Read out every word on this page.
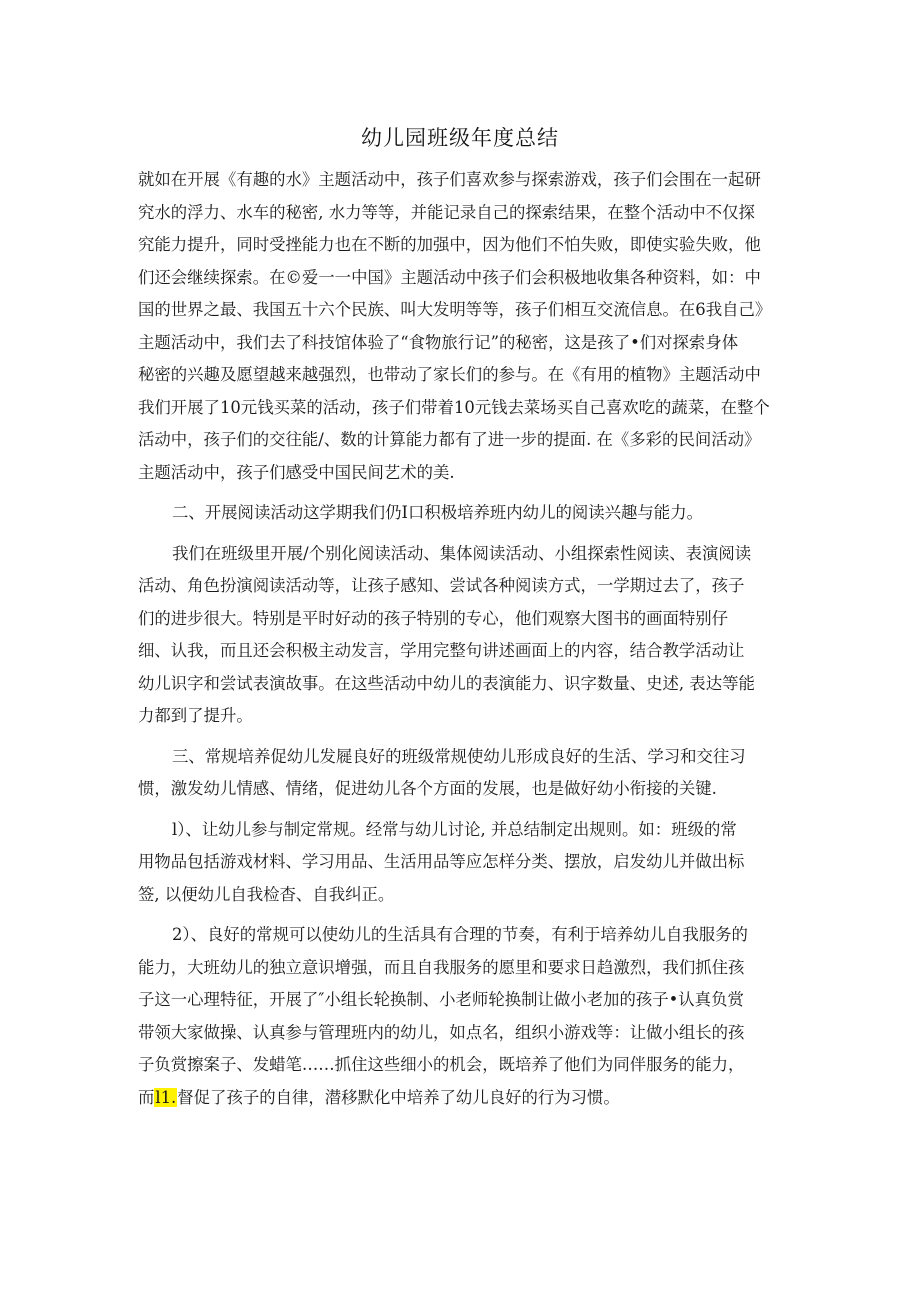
幼儿园班级年度总结
就如在开展《有趣的水》主题活动中，孩子们喜欢参与探索游戏，孩子们会围在一起研
究水的浮力、水车的秘密, 水力等等，并能记录自己的探索结果，在整个活动中不仅探
究能力提升，同时受挫能力也在不断的加强中，因为他们不怕失败，即使实验失败，他
们还会继续探索。在©爱一一中国》主题活动中孩子们会积极地收集各种资料，如：中
国的世界之最、我国五十六个民族、叫大发明等等，孩子们相互交流信息。在6我自己》
主题活动中，我们去了科技馆体验了“食物旅行记”的秘密，这是孩了•们对探索身体
秘密的兴趣及愿望越来越强烈，也带动了家长们的参与。在《有用的植物》主题活动中
我们开展了10元钱买菜的活动，孩子们带着10元钱去菜场买自己喜欢吃的蔬菜，在整个
活动中，孩子们的交往能/、数的计算能力都有了进一步的提面. 在《多彩的民间活动》
主题活动中，孩子们感受中国民间艺术的美.
二、开展阅读活动这学期我们仍I口积极培养班内幼儿的阅读兴趣与能力。
我们在班级里开展/个别化阅读活动、集体阅读活动、小组探索性阅读、表演阅读
活动、角色扮演阅读活动等，让孩子感知、尝试各种阅读方式，一学期过去了，孩子
们的进步很大。特别是平时好动的孩子特别的专心，他们观察大图书的画面特别仔
细、认我，而且还会积极主动发言，学用完整句讲述画面上的内容，结合教学活动让
幼儿识字和尝试表演故事。在这些活动中幼儿的表演能力、识字数量、史述, 表达等能
力都到了提升。
三、常规培养促幼儿发屣良好的班级常规使幼儿形成良好的生活、学习和交往习
惯，激发幼儿情感、情绪，促进幼儿各个方面的发展，也是做好幼小衔接的关键.
l）、让幼儿参与制定常规。经常与幼儿讨论, 并总结制定出规则。如：班级的常
用物品包括游戏材料、学习用品、生活用品等应怎样分类、摆放，启发幼儿并做出标
签, 以便幼儿自我检杳、自我纠正。
2）、良好的常规可以使幼儿的生活具有合理的节奏，有利于培养幼儿自我服务的
能力，大班幼儿的独立意识增强，而且自我服务的愿里和要求日趋激烈，我们抓住孩
子这一心理特征，开展了″小组长轮换制、小老师轮换制让做小老加的孩子•认真负赏
带领大家做操、认真参与管理班内的幼儿，如点名，组织小游戏等：让做小组长的孩
子负赏擦案子、发蜡笔……抓住这些细小的机会，既培养了他们为同伴服务的能力，
而l1.督促了孩子的自律，潜移默化中培养了幼儿良好的行为习惯。
